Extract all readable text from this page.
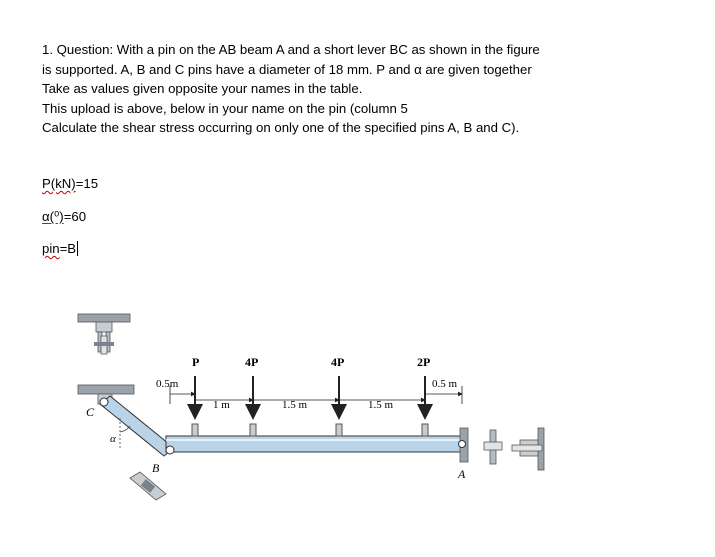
1. Question: With a pin on the AB beam A and a short lever BC as shown in the figure
is supported. A, B and C pins have a diameter of 18 mm. P and α are given together
Take as values given opposite your names in the table.
This upload is above, below in your name on the pin (column 5
Calculate the shear stress occurring on only one of the specified pins A, B and C).
P(kN)=15
α(⁰)=60
pin=B
C
α
B	A
P	4P	4P	2P
0.5m
1 m	1.5 m	1.5 m
0.5 m
